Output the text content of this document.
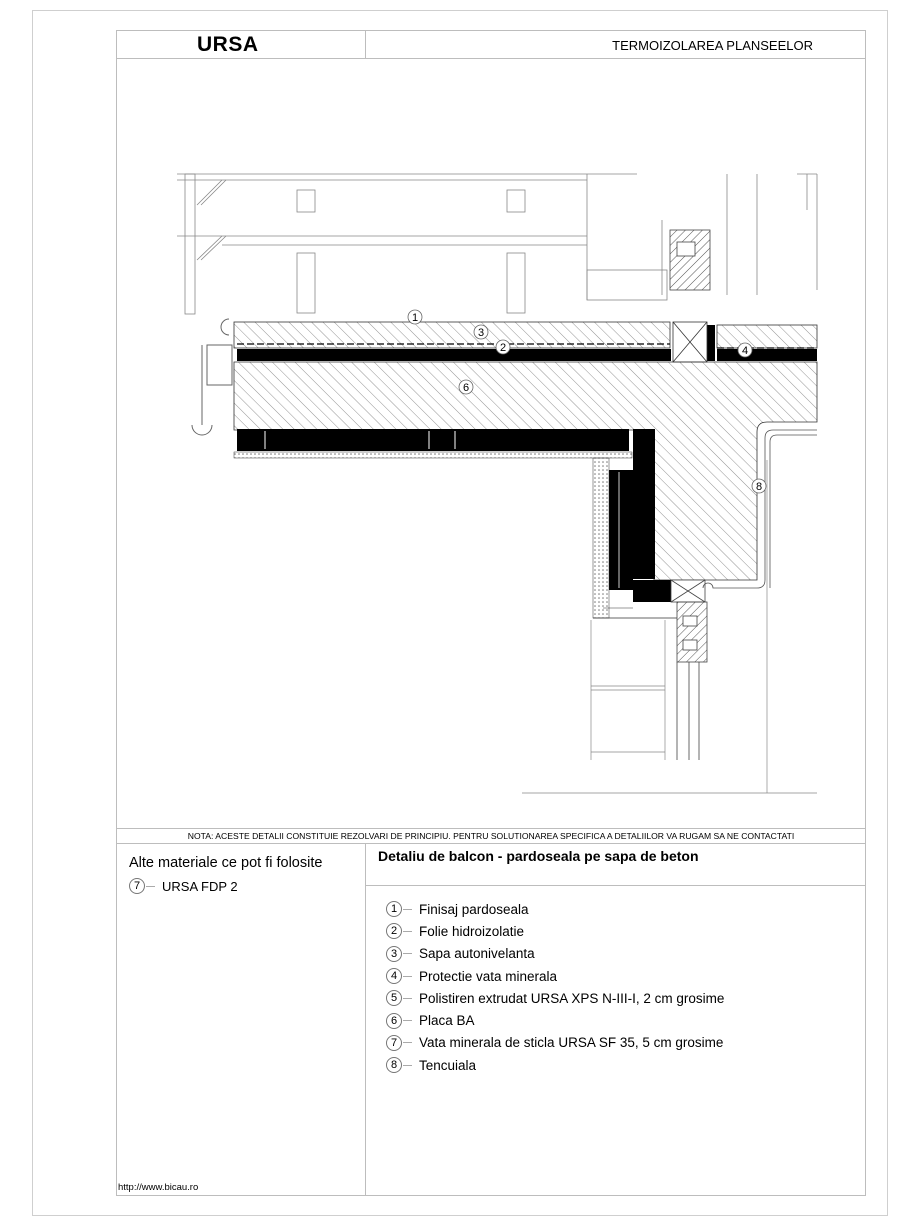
URSA	TERMOIZOLAREA PLANSEELOR
1
3
2	4
6
8
NOTA: ACESTE DETALII CONSTITUIE REZOLVARI DE PRINCIPIU. PENTRU SOLUTIONAREA SPECIFICA A DETALIILOR VA RUGAM SA NE CONTACTATI
Alte materiale ce pot fi folosite
7	URSA FDP 2
Detaliu de balcon - pardoseala pe sapa de beton
1	Finisaj pardoseala
2	Folie hidroizolatie
3	Sapa autonivelanta
4	Protectie vata minerala
5	Polistiren extrudat URSA XPS N-III-I, 2 cm grosime
6	Placa BA
7	Vata minerala de sticla URSA SF 35, 5 cm grosime
8	Tencuiala
http://www.bicau.ro
